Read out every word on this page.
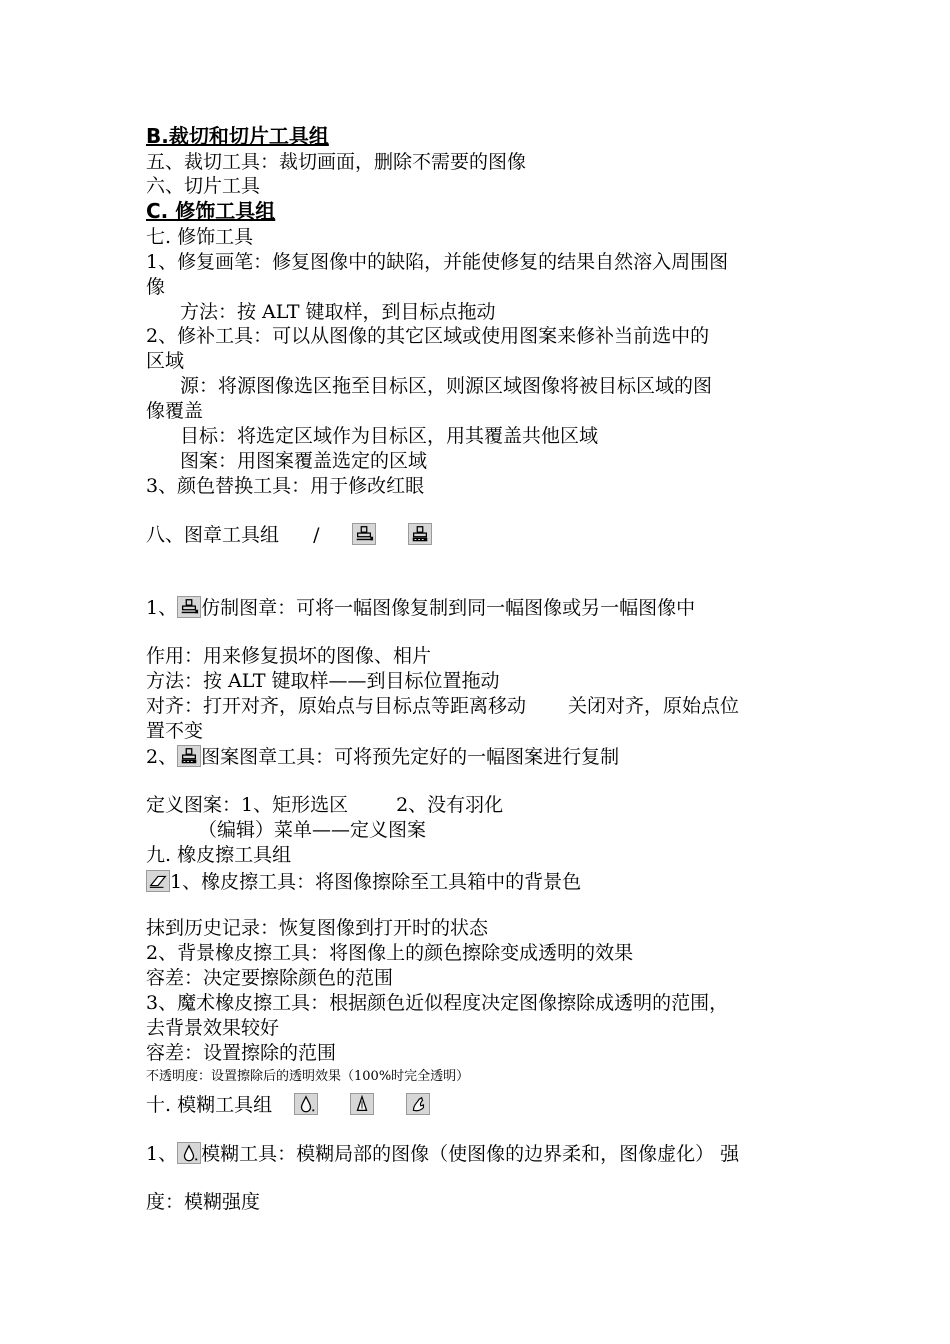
B.裁切和切片工具组
五、裁切工具：裁切画面，删除不需要的图像
六、切片工具
C. 修饰工具组
七. 修饰工具
1、修复画笔：修复图像中的缺陷，并能使修复的结果自然溶入周围图
像
方法：按 ALT 键取样，到目标点拖动
2、修补工具：可以从图像的其它区域或使用图案来修补当前选中的
区域
源：将源图像选区拖至目标区，则源区域图像将被目标区域的图
像覆盖
目标：将选定区域作为目标区，用其覆盖共他区域
图案：用图案覆盖选定的区域
3、颜色替换工具：用于修改红眼
八、图章工具组 /

1、 仿制图章：可将一幅图像复制到同一幅图像或另一幅图像中
作用：用来修复损坏的图像、相片
方法：按 ALT 键取样——到目标位置拖动
对齐：打开对齐，原始点与目标点等距离移动 关闭对齐，原始点位
置不变
2、 图案图章工具：可将预先定好的一幅图案进行复制
定义图案：1、矩形选区	2、没有羽化
（编辑）菜单——定义图案
九. 橡皮擦工具组
1、橡皮擦工具：将图像擦除至工具箱中的背景色
抹到历史记录：恢复图像到打开时的状态
2、背景橡皮擦工具：将图像上的颜色擦除变成透明的效果
容差：决定要擦除颜色的范围
3、魔术橡皮擦工具：根据颜色近似程度决定图像擦除成透明的范围，
去背景效果较好
容差：设置擦除的范围
不透明度：设置擦除后的透明效果（100%时完全透明）
十. 模糊工具组

1、 模糊工具：模糊局部的图像（使图像的边界柔和，图像虚化） 强
度：模糊强度
